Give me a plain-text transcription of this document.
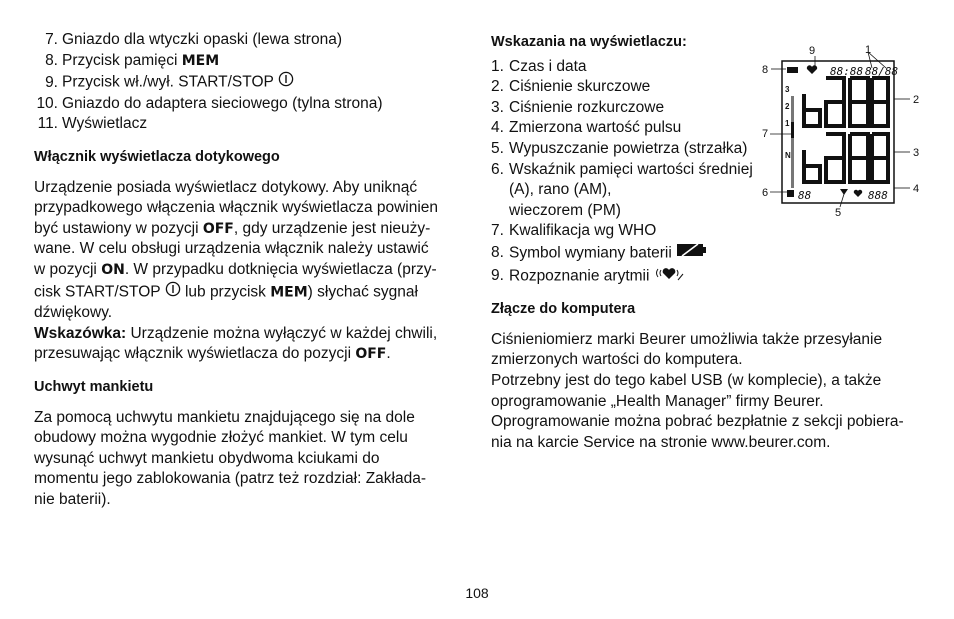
7. Gniazdo dla wtyczki opaski (lewa strona)
8. Przycisk pamięci MEM
9. Przycisk wł./wył. START/STOP
10. Gniazdo do adaptera sieciowego (tylna strona)
11. Wyświetlacz
Włącznik wyświetlacza dotykowego

Urządzenie posiada wyświetlacz dotykowy. Aby uniknąć
przypadkowego włączenia włącznik wyświetlacza powinien
być ustawiony w pozycji OFF, gdy urządzenie jest nieuży-
wane. W celu obsługi urządzenia włącznik należy ustawić
w pozycji ON. W przypadku dotknięcia wyświetlacza (przy-
cisk START/STOP  lub przycisk MEM) słychać sygnał
dźwiękowy.
Wskazówka: Urządzenie można wyłączyć w każdej chwili,
przesuwając włącznik wyświetlacza do pozycji OFF.

Uchwyt mankietu

Za pomocą uchwytu mankietu znajdującego się na dole
obudowy można wygodnie złożyć mankiet. W tym celu
wysunąć uchwyt mankietu obydwoma kciukami do
momentu jego zablokowania (patrz też rozdział: Zakłada-
nie baterii).

Wskazania na wyświetlaczu:
1. Czas i data
2. Ciśnienie skurczowe
3. Ciśnienie rozkurczowe
4. Zmierzona wartość pulsu
5. Wypuszczanie powietrza (strzałka)
6. Wskaźnik pamięci wartości średniej
(A), rano (AM),
wieczorem (PM)
7. Kwalifikacja wg WHO
8. Symbol wymiany baterii
9. Rozpoznanie arytmii
Złącze do komputera

Ciśnieniomierz marki Beurer umożliwia także przesyłanie
zmierzonych wartości do komputera.
Potrzebny jest do tego kabel USB (w komplecie), a także
oprogramowanie „Health Manager” firmy Beurer.
Oprogramowanie można pobrać bezpłatnie z sekcji pobiera-
nia na karcie Service na stronie www.beurer.com.

88:88 88/88
3
2
1
N
88	888
9	1
8
2
7
3
6	4
5
108
